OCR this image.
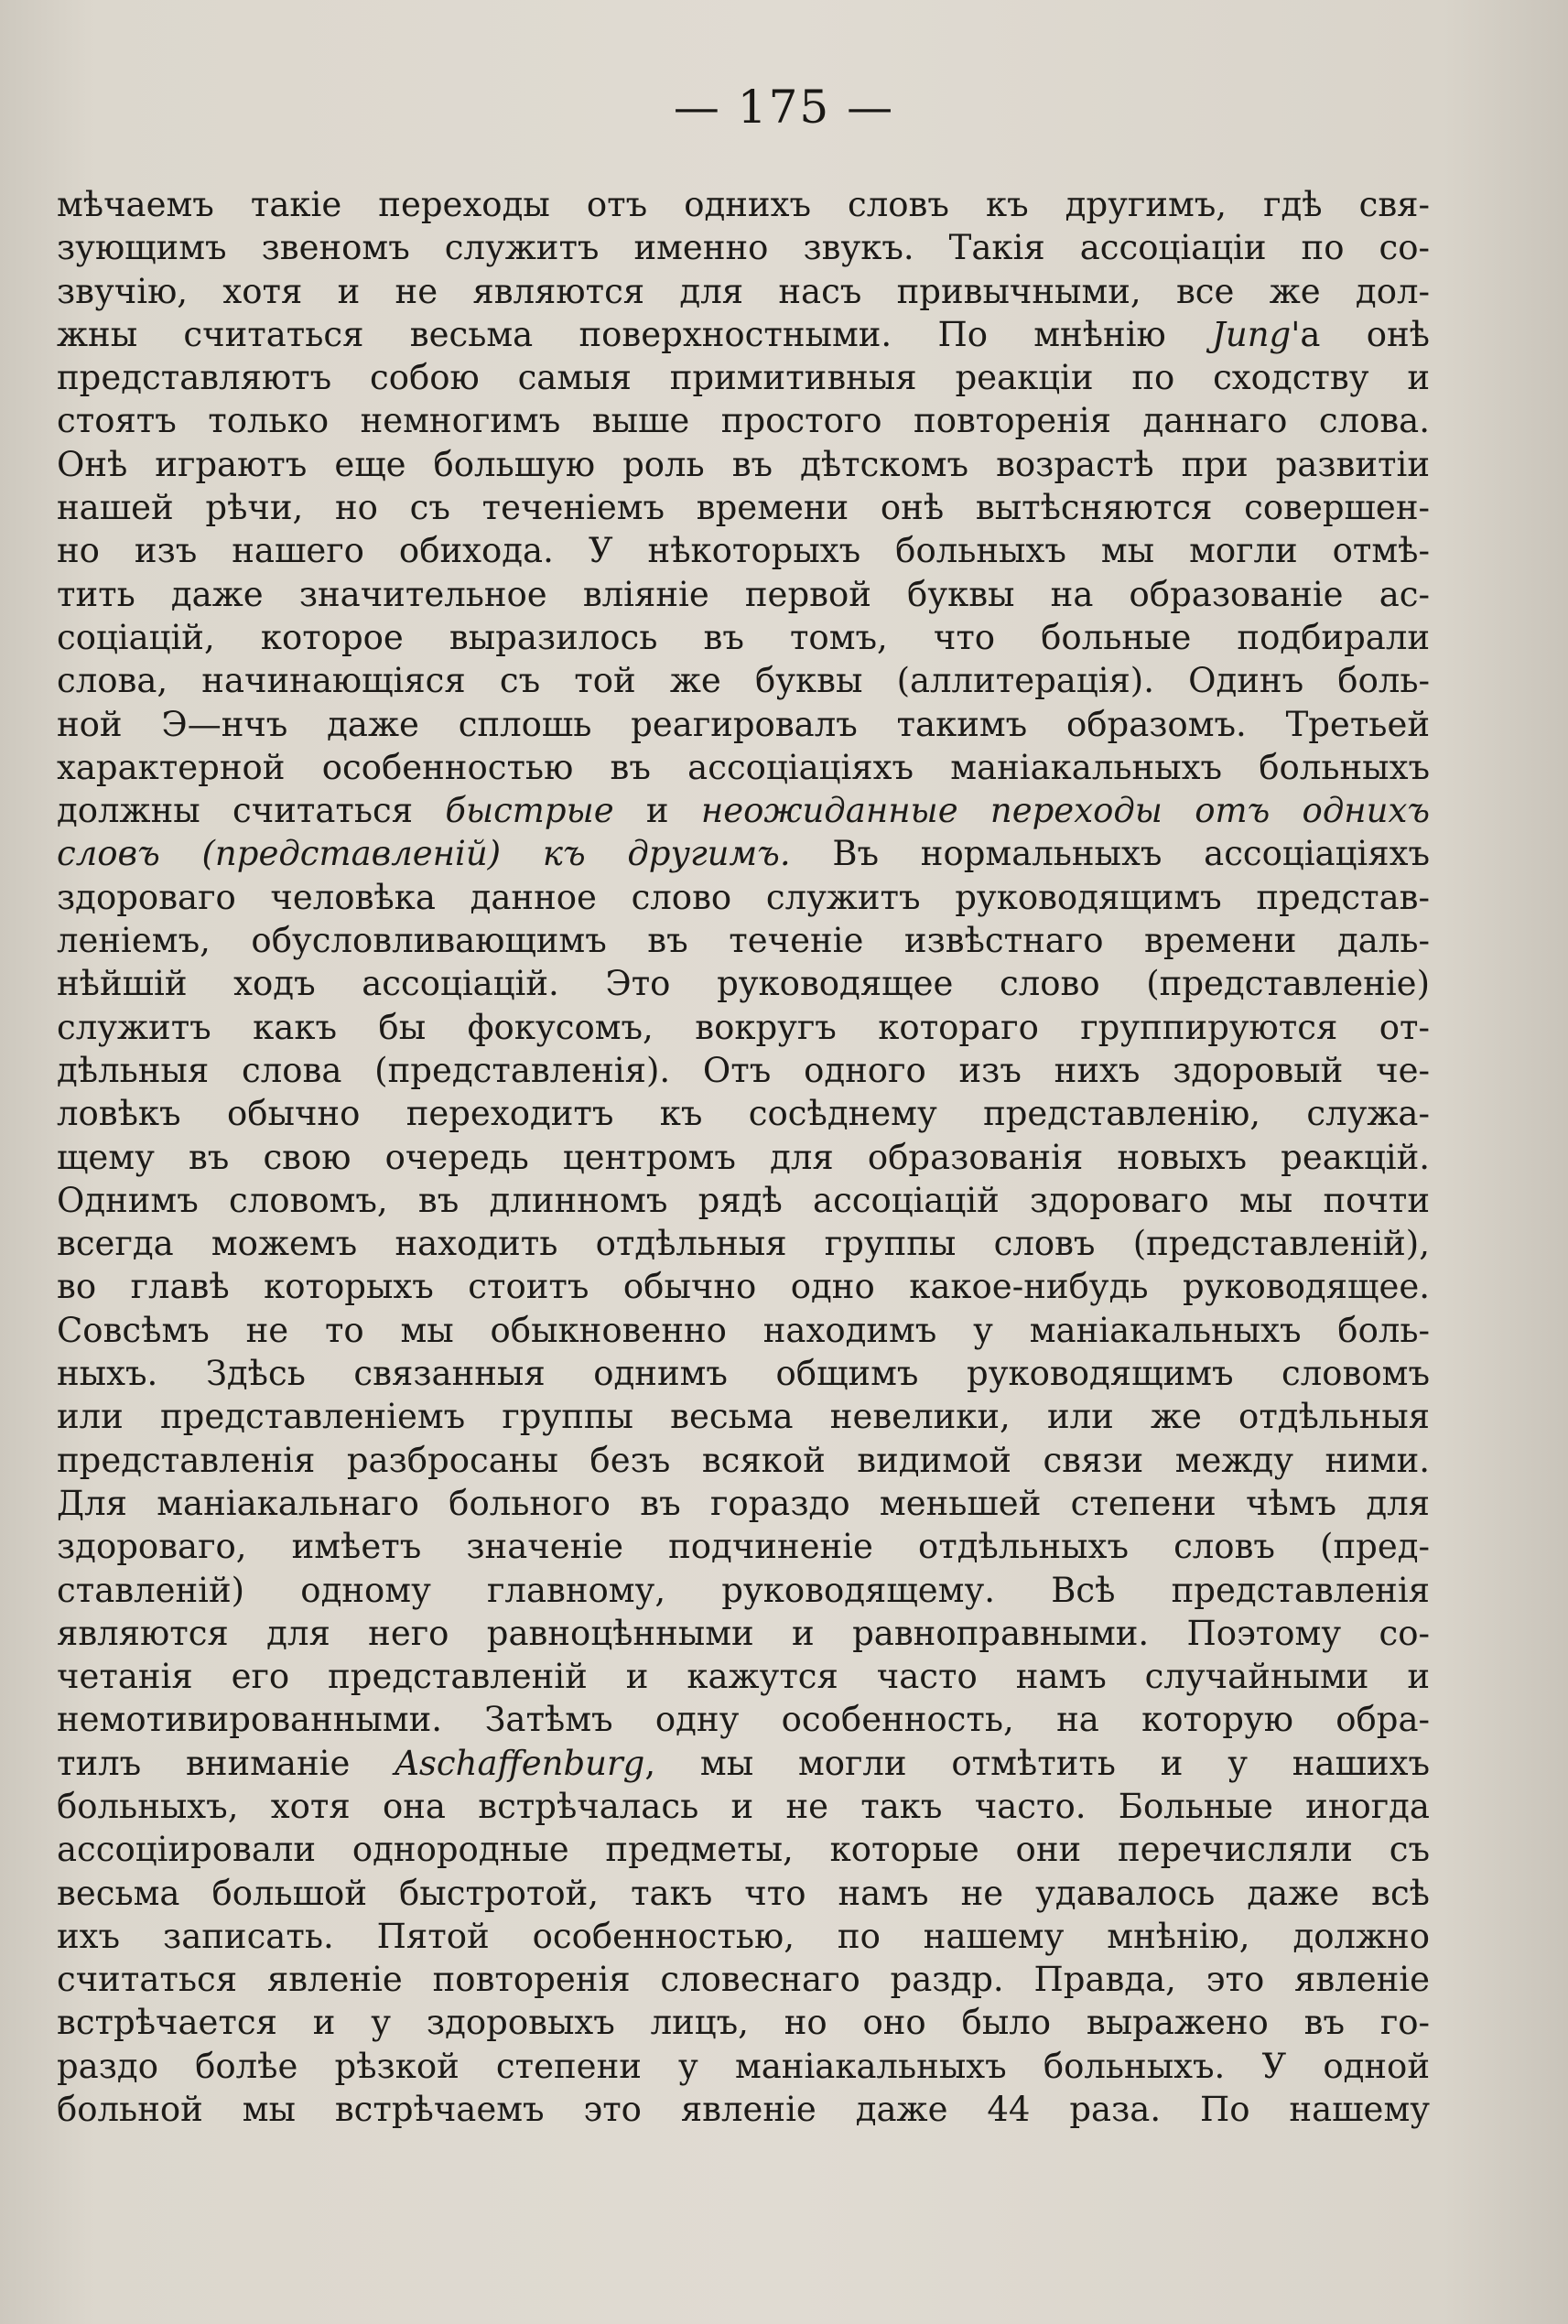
— 175 —
мѣчаемъ такіе переходы отъ одниxъ словъ къ другимъ, гдѣ свя-
зующимъ звеномъ служитъ именно звукъ. Такія ассоціаціи по со-
звучію, хотя и не являются для насъ привычными, все же дол-
жны считаться весьма поверхностными. По мнѣнію Jung'а онѣ
представляютъ собою самыя примитивныя реакціи по сходству и
стоятъ только немногимъ выше простого повторенія даннаго слова.
Онѣ играютъ еще большую роль въ дѣтскомъ возрастѣ при развитіи
нашей рѣчи, но съ теченіемъ времени онѣ вытѣсняются совершен-
но изъ нашего обихода. У нѣкоторыхъ больныхъ мы могли отмѣ-
тить даже значительное вліяніе первой буквы на образованіе ас-
соціацій, которое выразилось въ томъ, что больные подбирали
слова, начинающіяся съ той же буквы (аллитерація). Одинъ боль-
ной Э—нчъ даже сплошь реагировалъ такимъ образомъ. Третьей
характерной особенностью въ ассоціаціяхъ маніакальныхъ больныхъ
должны считаться быстрые и неожиданные переходы отъ одниxъ
словъ (представленій) къ другимъ. Въ нормальныхъ ассоціаціяхъ
здороваго человѣка данное слово служитъ руководящимъ представ-
леніемъ, обусловливающимъ въ теченіе извѣстнаго времени даль-
нѣйшій ходъ ассоціацій. Это руководящее слово (представленіе)
служитъ какъ бы фокусомъ, вокругъ котораго группируются от-
дѣльныя слова (представленія). Отъ одного изъ нихъ здоровый че-
ловѣкъ обычно переходитъ къ сосѣднему представленію, служа-
щему въ свою очередь центромъ для образованія новыхъ реакцій.
Однимъ словомъ, въ длинномъ рядѣ ассоціацій здороваго мы почти
всегда можемъ находить отдѣльныя группы словъ (представленій),
во главѣ которыхъ стоитъ обычно одно какое-нибудь руководящее.
Совсѣмъ не то мы обыкновенно находимъ у маніакальныхъ боль-
ныхъ. Здѣсь связанныя однимъ общимъ руководящимъ словомъ
или представленіемъ группы весьма невелики, или же отдѣльныя
представленія разбросаны безъ всякой видимой связи между ними.
Для маніакальнаго больного въ гораздо меньшей степени чѣмъ для
здороваго, имѣетъ значеніе подчиненіе отдѣльныхъ словъ (пред-
ставленій) одному главному, руководящему. Всѣ представленія
являются для него равноцѣнными и равноправными. Поэтому со-
четанія его представленій и кажутся часто намъ случайными и
немотивированными. Затѣмъ одну особенность, на которую обра-
тилъ вниманіе Aschaffenburg, мы могли отмѣтить и у нашихъ
больныхъ, хотя она встрѣчалась и не такъ часто. Больные иногда
ассоціировали однородные предметы, которые они перечисляли съ
весьма большой быстротой, такъ что намъ не удавалось даже всѣ
ихъ записать. Пятой особенностью, по нашему мнѣнію, должно
считаться явленіе повторенія словеснаго раздр. Правда, это явленіе
встрѣчается и у здоровыхъ лицъ, но оно было выражено въ го-
раздо болѣе рѣзкой степени у маніакальныхъ больныхъ. У одной
больной мы встрѣчаемъ это явленіе даже 44 раза. По нашему
